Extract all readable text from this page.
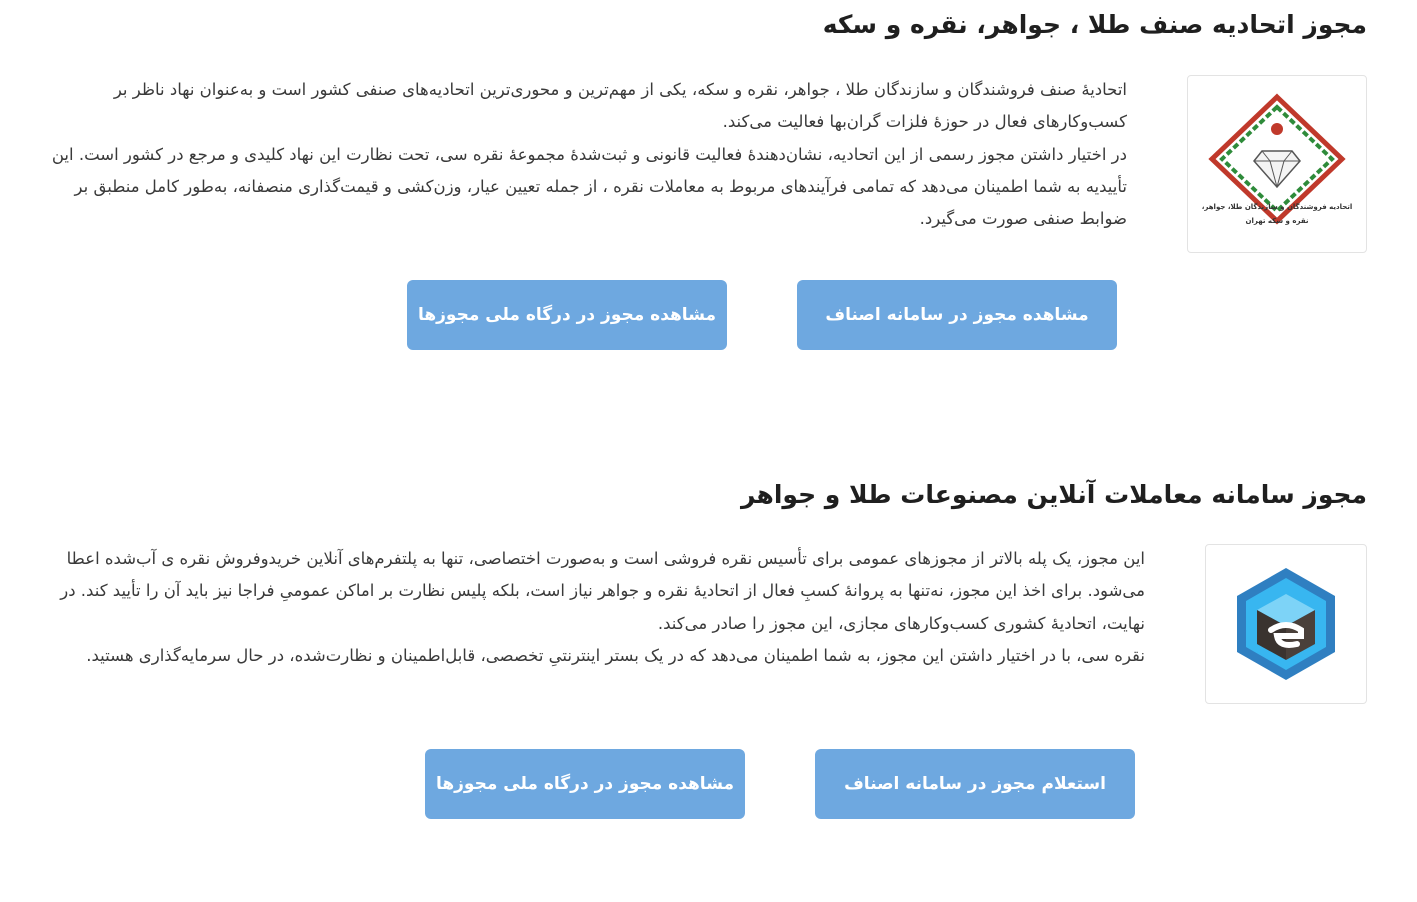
مجوز اتحادیه صنف طلا ، جواهر، نقره و سکه
اتحادیه فروشندگان و سازندگان طلا، جواهر،
نقره و سکه تهران

اتحادیهٔ صنف فروشندگان و سازندگان طلا ، جواهر، نقره و سکه، یکی از مهم‌ترین و محوری‌ترین اتحادیه‌های صنفی کشور است و به‌عنوان نهاد ناظر بر کسب‌وکارهای فعال در حوزهٔ فلزات گران‌بها فعالیت می‌کند.

در اختیار داشتن مجوز رسمی از این اتحادیه، نشان‌دهندهٔ فعالیت قانونی و ثبت‌شدهٔ مجموعهٔ نقره سی، تحت نظارت این نهاد کلیدی و مرجع در کشور است. این تأییدیه به شما اطمینان می‌دهد که تمامی فرآیندهای مربوط به معاملات نقره ، از جمله تعیین عیار، وزن‌کشی و قیمت‌گذاری منصفانه، به‌طور کامل منطبق بر ضوابط صنفی صورت می‌گیرد.

مشاهده مجوز در سامانه اصناف
مشاهده مجوز در درگاه ملی مجوزها
مجوز سامانه معاملات آنلاین مصنوعات طلا و جواهر

این مجوز، یک پله بالاتر از مجوزهای عمومی برای تأسیس نقره فروشی است و به‌صورت اختصاصی، تنها به پلتفرم‌های آنلاین خریدوفروش نقره ی آب‌شده اعطا می‌شود. برای اخذ این مجوز، نه‌تنها به پروانهٔ کسبِ فعال از اتحادیهٔ نقره و جواهر نیاز است، بلکه پلیس نظارت بر اماکن عمومیِ فراجا نیز باید آن را تأیید کند. در نهایت، اتحادیهٔ کشوری کسب‌وکارهای مجازی، این مجوز را صادر می‌کند.

نقره سی، با در اختیار داشتن این مجوز، به شما اطمینان می‌دهد که در یک بستر اینترنتیِ تخصصی، قابل‌اطمینان و نظارت‌شده، در حال سرمایه‌گذاری هستید.

استعلام مجوز در سامانه اصناف
مشاهده مجوز در درگاه ملی مجوزها
